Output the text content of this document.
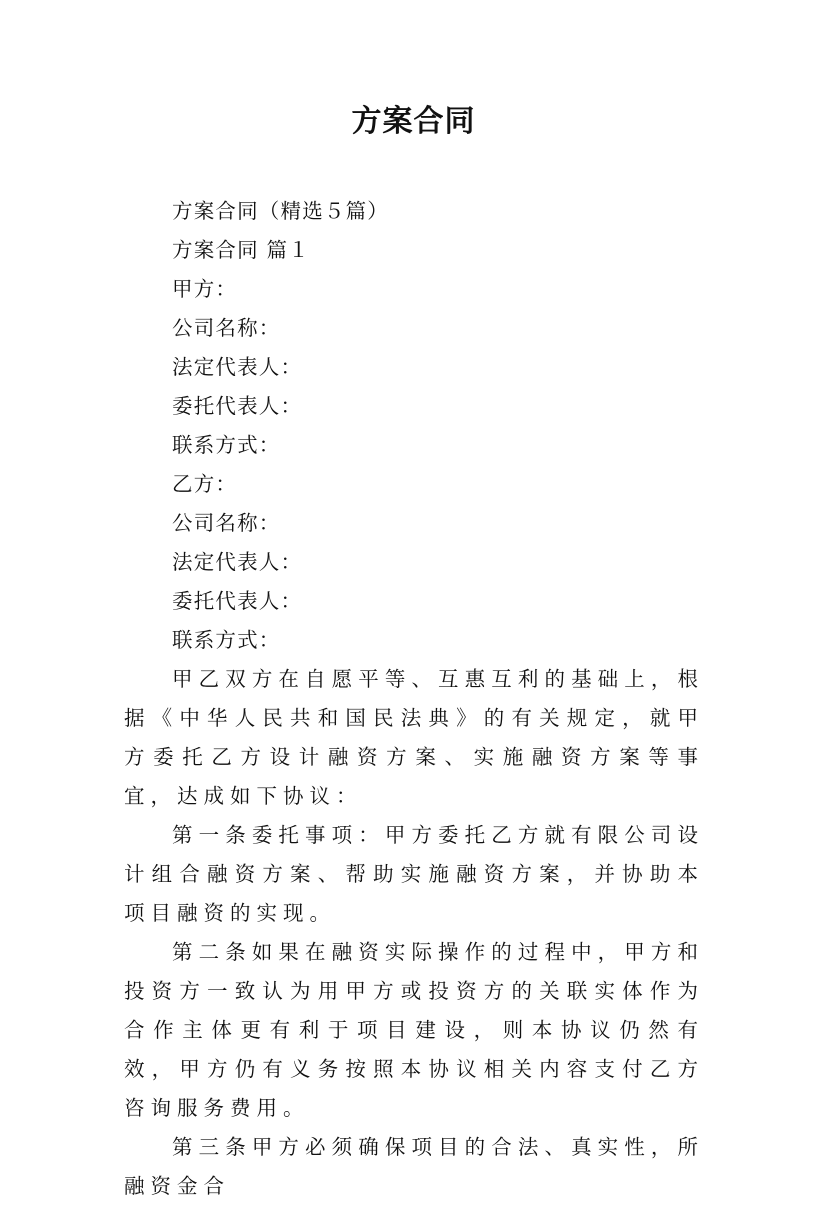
方案合同

方案合同（精选５篇）

方案合同 篇１

甲方：

公司名称：

法定代表人：

委托代表人：

联系方式：

乙方：

公司名称：

法定代表人：

委托代表人：

联系方式：

甲乙双方在自愿平等、互惠互利的基础上，根据《中华人民共和国民法典》的有关规定，就甲方委托乙方设计融资方案、实施融资方案等事宜，达成如下协议：

第一条委托事项：甲方委托乙方就有限公司设计组合融资方案、帮助实施融资方案，并协助本项目融资的实现。

第二条如果在融资实际操作的过程中，甲方和投资方一致认为用甲方或投资方的关联实体作为合作主体更有利于项目建设，则本协议仍然有效，甲方仍有义务按照本协议相关内容支付乙方咨询服务费用。

第三条甲方必须确保项目的合法、真实性，所融资金合
